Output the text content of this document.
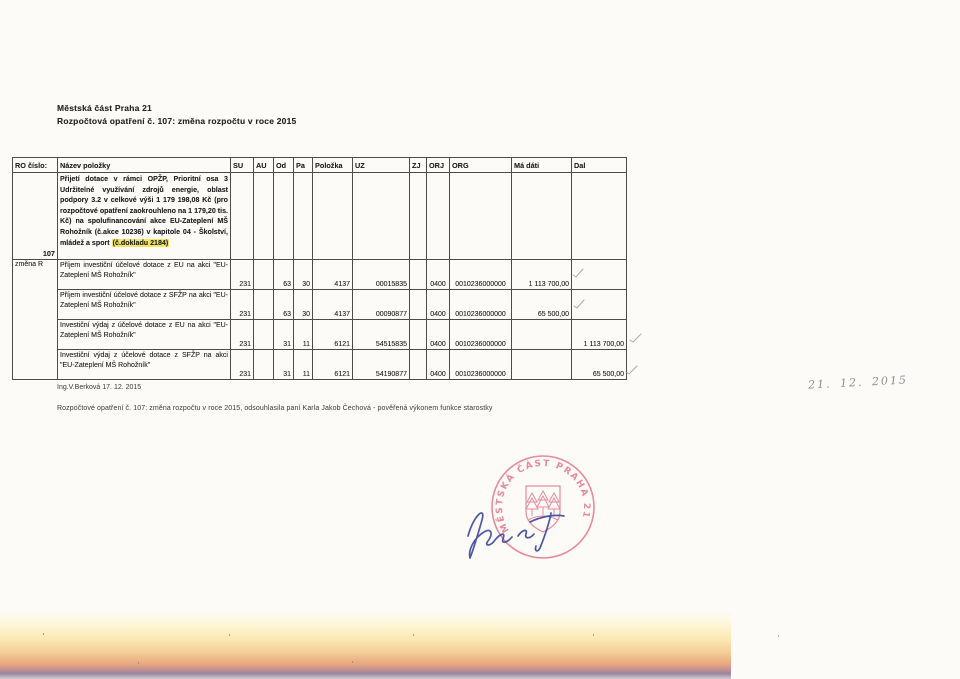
Městská část Praha 21
Rozpočtová opatření č. 107: změna rozpočtu v roce 2015
RO číslo:	Název položky	SU	AU	Od	Pa	Položka	UZ	ZJ	ORJ	ORG	Má dáti	Dal
107	Přijetí dotace v rámci OPŽP, Prioritní osa 3 Udržitelné využívání zdrojů energie, oblast podpory 3.2 v celkové výši 1 179 198,08 Kč (pro rozpočtové opatření zaokrouhleno na 1 179,20 tis. Kč) na spolufinancování akce EU-Zateplení MŠ Rohožník (č.akce 10236) v kapitole 04 - Školství, mládež a sport (č.dokladu 2184)											
změna R	Příjem investiční účelové dotace z EU na akci "EU-Zateplení MŠ Rohožník"	231		63	30	4137	00015835		0400	0010236000000	1 113 700,00	
	Příjem investiční účelové dotace z SFŽP na akci "EU-Zateplení MŠ Rohožník"	231		63	30	4137	00090877		0400	0010236000000	65 500,00	
	Investiční výdaj z účelové dotace z EU na akci "EU-Zateplení MŠ Rohožník"	231		31	11	6121	54515835		0400	0010236000000		1 113 700,00
	Investiční výdaj z účelové dotace z SFŽP na akci "EU-Zateplení MŠ Rohožník"	231		31	11	6121	54190877		0400	0010236000000		65 500,00
Ing.V.Berková 17. 12. 2015
Rozpočtové opatření č. 107: změna rozpočtu v roce 2015, odsouhlasila paní Karla Jakob Čechová - pověřená výkonem funkce starostky
21. 12. 2015
MĚSTSKÁ ČÁST PRAHA 21
